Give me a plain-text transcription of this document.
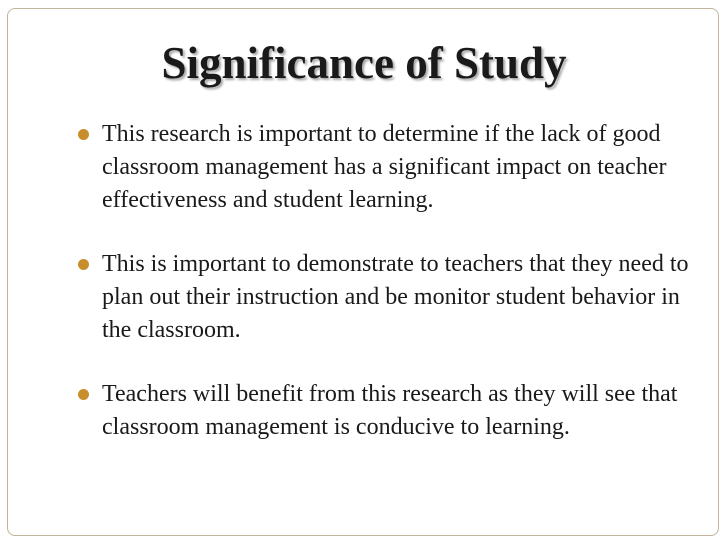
Significance of Study
This research is important to determine if the lack of good classroom management has a significant impact on teacher effectiveness and student learning.
This is important to demonstrate to teachers that they need to plan out their instruction and be monitor student behavior in the classroom.
Teachers will benefit from this research as they will see that classroom management is conducive to learning.
